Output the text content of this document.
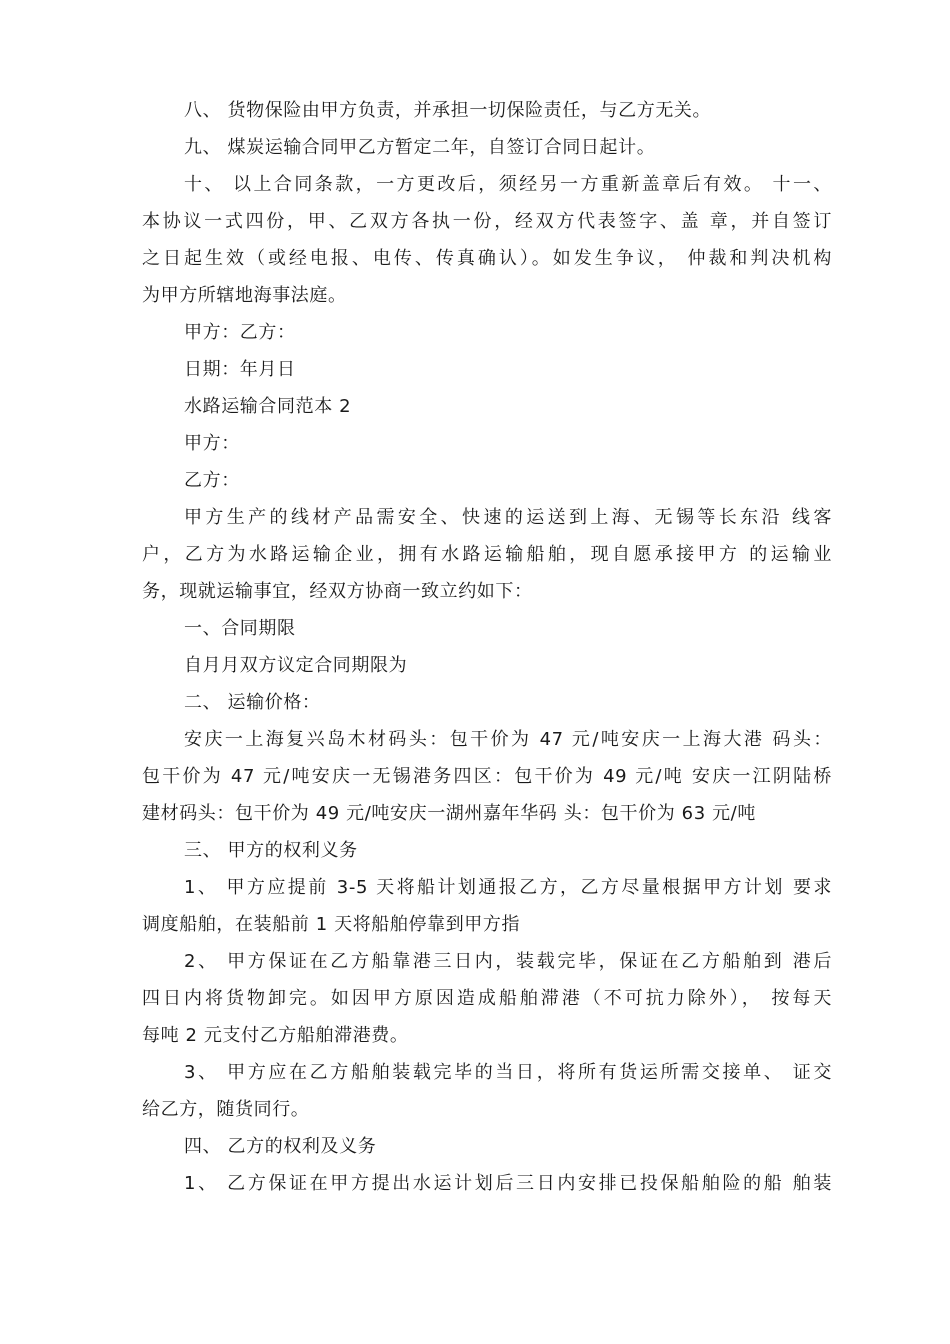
八、 货物保险由甲方负责，并承担一切保险责任，与乙方无关。
九、 煤炭运输合同甲乙方暂定二年，自签订合同日起计。
十、 以上合同条款，一方更改后，须经另一方重新盖章后有效。 十一、
本协议一式四份，甲、乙双方各执一份，经双方代表签字、盖 章，并自签订
之日起生效（或经电报、电传、传真确认）。如发生争议， 仲裁和判决机构
为甲方所辖地海事法庭。
甲方：乙方：
日期：年月日
水路运输合同范本 2
甲方：
乙方：
甲方生产的线材产品需安全、快速的运送到上海、无锡等长东沿 线客
户，乙方为水路运输企业，拥有水路运输船舶，现自愿承接甲方 的运输业
务，现就运输事宜，经双方协商一致立约如下：
一、合同期限
自月月双方议定合同期限为
二、 运输价格：
安庆一上海复兴岛木材码头：包干价为 47 元/吨安庆一上海大港 码头：
包干价为 47 元/吨安庆一无锡港务四区：包干价为 49 元/吨 安庆一江阴陆桥
建材码头：包干价为 49 元/吨安庆一湖州嘉年华码 头：包干价为 63 元/吨
三、 甲方的权利义务
1、 甲方应提前 3-5 天将船计划通报乙方，乙方尽量根据甲方计划 要求
调度船舶，在装船前 1 天将船舶停靠到甲方指
2、 甲方保证在乙方船靠港三日内，装载完毕，保证在乙方船舶到 港后
四日内将货物卸完。如因甲方原因造成船舶滞港（不可抗力除外）， 按每天
每吨 2 元支付乙方船舶滞港费。
3、 甲方应在乙方船舶装载完毕的当日，将所有货运所需交接单、 证交
给乙方，随货同行。
四、 乙方的权利及义务
1、 乙方保证在甲方提出水运计划后三日内安排已投保船舶险的船 舶装
